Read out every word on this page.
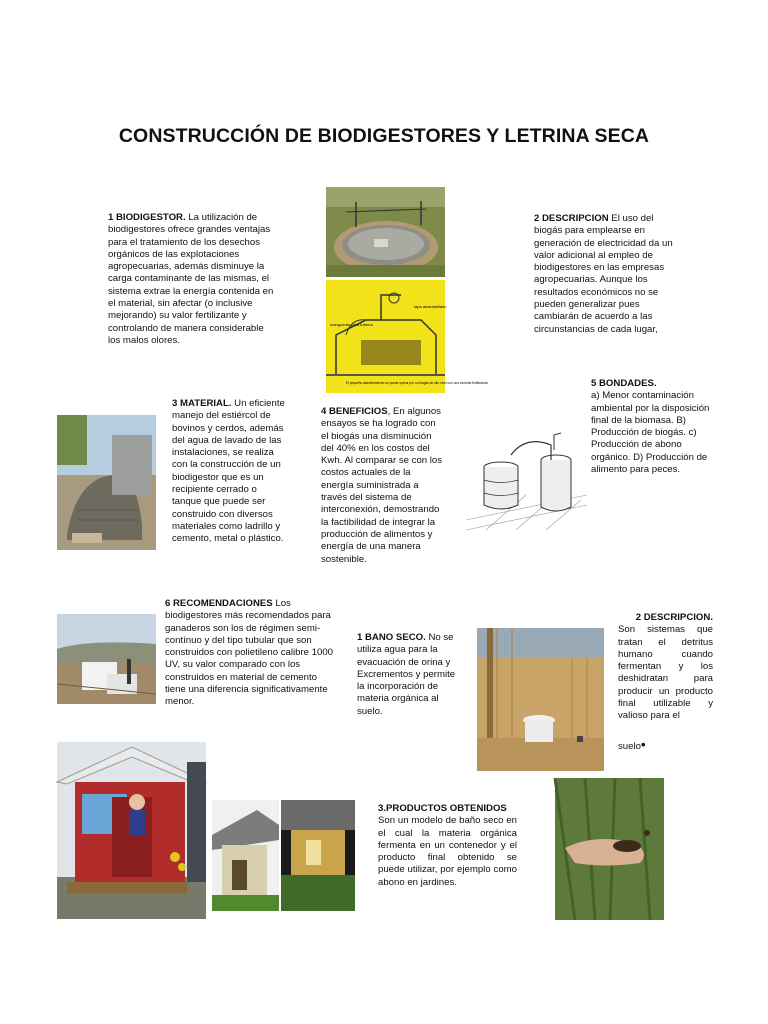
CONSTRUCCIÓN DE BIODIGESTORES Y LETRINA SECA
1 BIODIGESTOR. La utilización de biodigestores ofrece grandes ventajas para el tratamiento de los desechos orgánicos de las explotaciones agropecuarias, además disminuye la carga contaminante de las mismas, el sistema extrae la energía contenida en el material, sin afectar (o inclusive mejorando) su valor fertilizante y controlando de manera considerable los malos olores.
2 DESCRIPCION El uso del biogás para emplearse en generación de electricidad da un valor adicional al empleo de biodigestores en las empresas agropecuarias. Aunque los resultados económicos no se pueden generalizar pues cambiarán de acuerdo a las circunstancias de cada lugar,
tapa alcantarillado
mangueras para tubería
El pequeño abastecimiento se puede operar por un biogás de alto nivel con una correcta fertilización	5 BONDADES.
a) Menor contaminación ambiental por la disposición final de la biomasa. B) Producción de biogás. c) Producción de abono orgánico. D) Producción de alimento para peces.
3 MATERIAL. Un eficiente manejo del estiércol de bovinos y cerdos, además del agua de lavado de las instalaciones, se realiza con la construcción de un biodigestor que es un recipiente cerrado o tanque que puede ser construido con diversos materiales como ladrillo y cemento, metal o plástico.
4 BENEFICIOS, En algunos ensayos se ha logrado con el biogás una disminución del 40% en los costos del Kwh. Al comparar se con los costos actuales de la energía suministrada a través del sistema de interconexión, demostrando la factibilidad de integrar la producción de alimentos y energía de una manera sostenible.
6 RECOMENDACIONES Los biodigestores más recomendados para ganaderos son los de régimen semi-contínuo y del tipo tubular que son construidos con polietileno calibre 1000 UV, su valor comparado con los construidos en material de cemento tiene una diferencia significativamente menor.
1 BANO SECO. No se utiliza agua para la evacuación de orina y Excrementos y permite la incorporación de materia orgánica al suelo.
2 DESCRIPCION.
Son sistemas que tratan el detritus humano cuando fermentan y los deshidratan para producir un producto final utilizable y valioso para el
suelo•
3.PRODUCTOS OBTENIDOS
Son un modelo de baño seco en el cual la materia orgánica fermenta en un contenedor y el producto final obtenido se puede utilizar, por ejemplo como abono en jardines.
